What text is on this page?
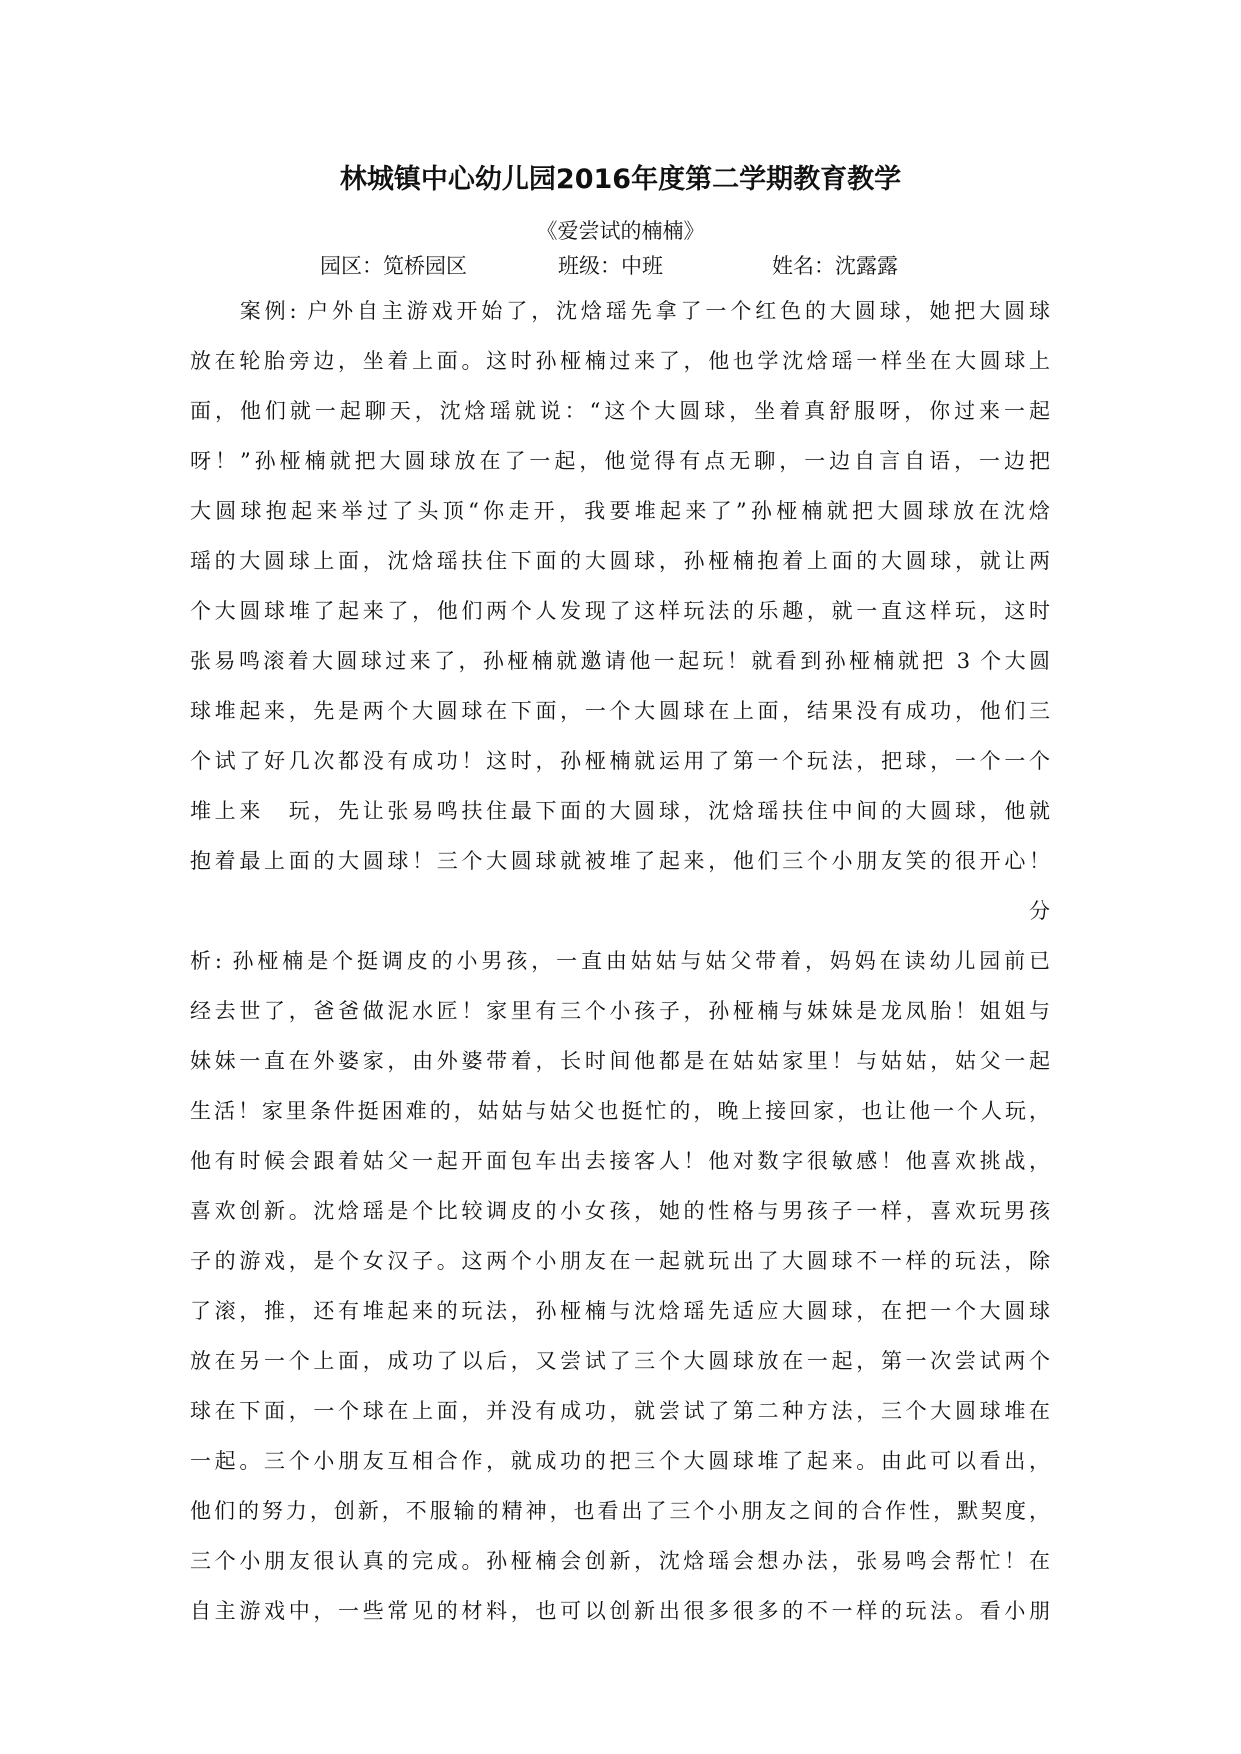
林城镇中心幼儿园2016年度第二学期教育教学
《爱尝试的楠楠》
园区：笕桥园区	班级：中班	姓名：沈露露
　　案例: 户外自主游戏开始了，沈焓瑶先拿了一个红色的大圆球，她把大圆球
放在轮胎旁边，坐着上面。这时孙桠楠过来了，他也学沈焓瑶一样坐在大圆球上
面，他们就一起聊天，沈焓瑶就说：“这个大圆球，坐着真舒服呀，你过来一起
呀！”孙桠楠就把大圆球放在了一起，他觉得有点无聊，一边自言自语，一边把
大圆球抱起来举过了头顶“你走开，我要堆起来了”孙桠楠就把大圆球放在沈焓
瑶的大圆球上面，沈焓瑶扶住下面的大圆球，孙桠楠抱着上面的大圆球，就让两
个大圆球堆了起来了，他们两个人发现了这样玩法的乐趣，就一直这样玩，这时
张易鸣滚着大圆球过来了，孙桠楠就邀请他一起玩！就看到孙桠楠就把 3 个大圆
球堆起来，先是两个大圆球在下面，一个大圆球在上面，结果没有成功，他们三
个试了好几次都没有成功！这时，孙桠楠就运用了第一个玩法，把球，一个一个
堆上来　玩，先让张易鸣扶住最下面的大圆球，沈焓瑶扶住中间的大圆球，他就
抱着最上面的大圆球！三个大圆球就被堆了起来，他们三个小朋友笑的很开心！
分
析: 孙桠楠是个挺调皮的小男孩，一直由姑姑与姑父带着，妈妈在读幼儿园前已
经去世了，爸爸做泥水匠！家里有三个小孩子，孙桠楠与妹妹是龙凤胎！姐姐与
妹妹一直在外婆家，由外婆带着，长时间他都是在姑姑家里！与姑姑，姑父一起
生活！家里条件挺困难的，姑姑与姑父也挺忙的，晚上接回家，也让他一个人玩，
他有时候会跟着姑父一起开面包车出去接客人！他对数字很敏感！他喜欢挑战，
喜欢创新。沈焓瑶是个比较调皮的小女孩，她的性格与男孩子一样，喜欢玩男孩
子的游戏，是个女汉子。这两个小朋友在一起就玩出了大圆球不一样的玩法，除
了滚，推，还有堆起来的玩法，孙桠楠与沈焓瑶先适应大圆球，在把一个大圆球
放在另一个上面，成功了以后，又尝试了三个大圆球放在一起，第一次尝试两个
球在下面，一个球在上面，并没有成功，就尝试了第二种方法，三个大圆球堆在
一起。三个小朋友互相合作，就成功的把三个大圆球堆了起来。由此可以看出，
他们的努力，创新，不服输的精神，也看出了三个小朋友之间的合作性，默契度，
三个小朋友很认真的完成。孙桠楠会创新，沈焓瑶会想办法，张易鸣会帮忙！在
自主游戏中，一些常见的材料，也可以创新出很多很多的不一样的玩法。看小朋
